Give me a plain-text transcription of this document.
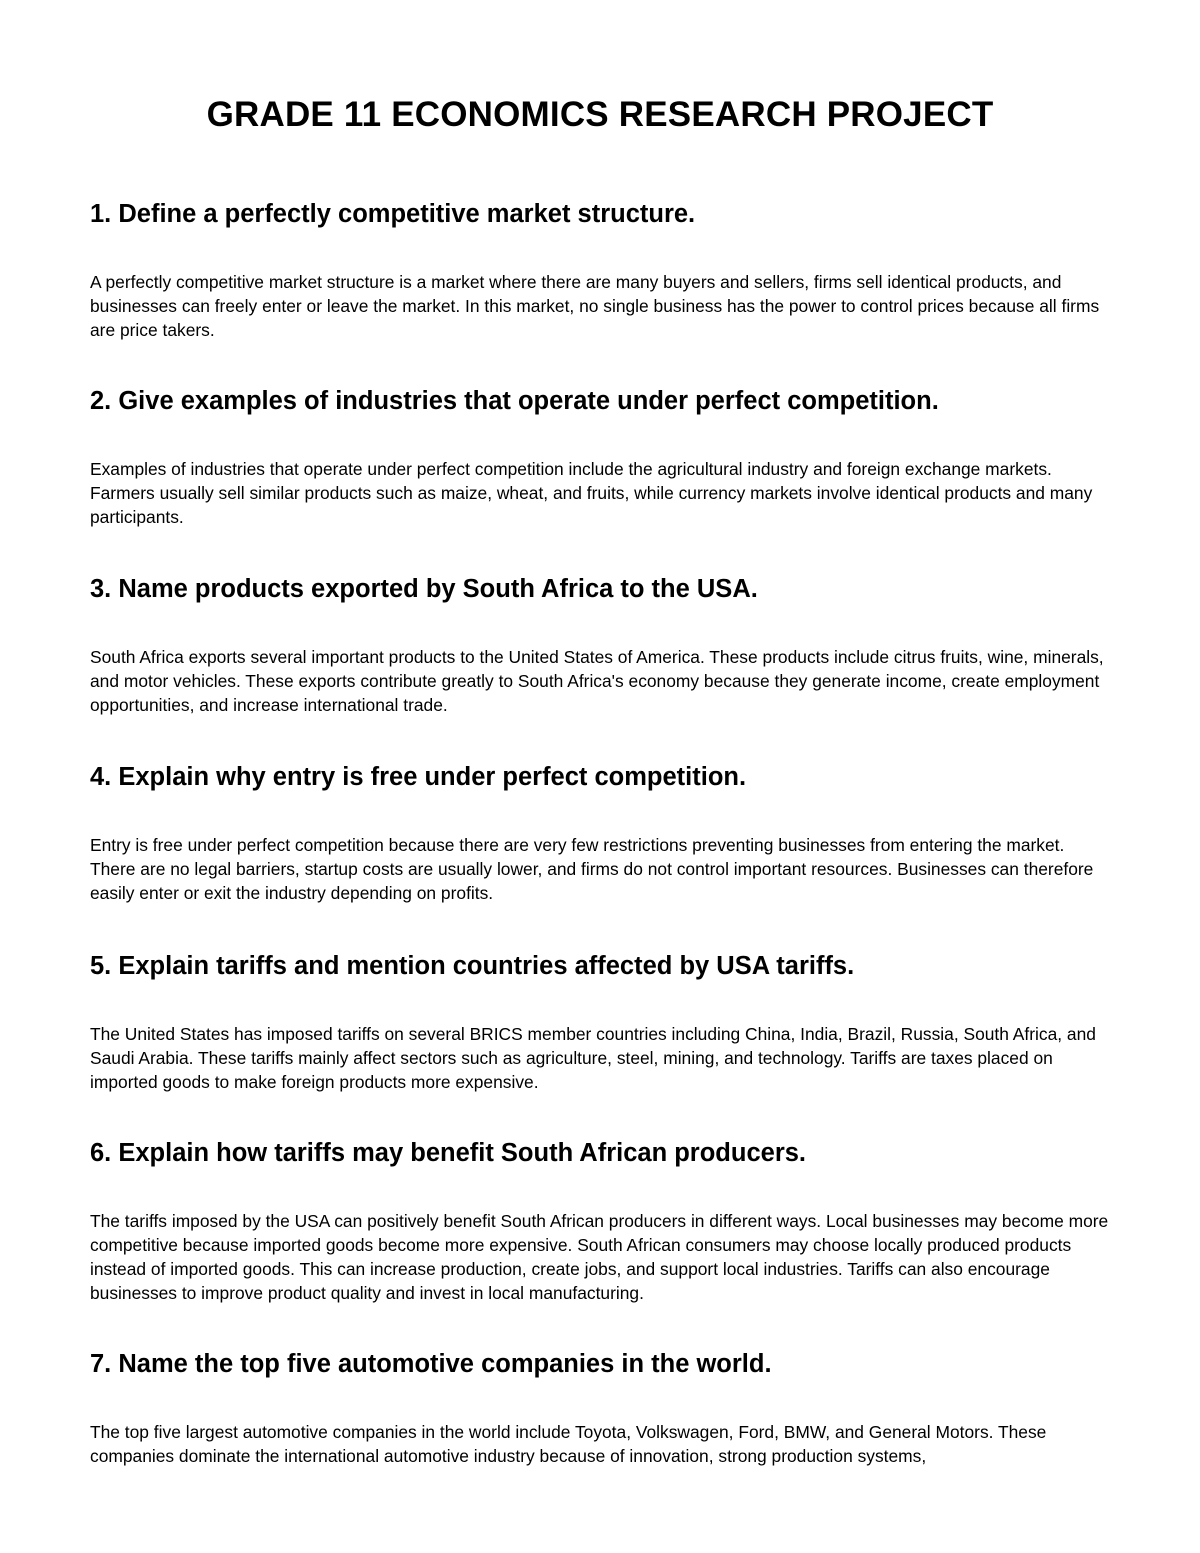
GRADE 11 ECONOMICS RESEARCH PROJECT
1. Define a perfectly competitive market structure.

A perfectly competitive market structure is a market where there are many buyers and sellers, firms sell identical products, and businesses can freely enter or leave the market. In this market, no single business has the power to control prices because all firms are price takers.

2. Give examples of industries that operate under perfect competition.

Examples of industries that operate under perfect competition include the agricultural industry and foreign exchange markets. Farmers usually sell similar products such as maize, wheat, and fruits, while currency markets involve identical products and many participants.

3. Name products exported by South Africa to the USA.

South Africa exports several important products to the United States of America. These products include citrus fruits, wine, minerals, and motor vehicles. These exports contribute greatly to South Africa's economy because they generate income, create employment opportunities, and increase international trade.

4. Explain why entry is free under perfect competition.

Entry is free under perfect competition because there are very few restrictions preventing businesses from entering the market. There are no legal barriers, startup costs are usually lower, and firms do not control important resources. Businesses can therefore easily enter or exit the industry depending on profits.

5. Explain tariffs and mention countries affected by USA tariffs.

The United States has imposed tariffs on several BRICS member countries including China, India, Brazil, Russia, South Africa, and Saudi Arabia. These tariffs mainly affect sectors such as agriculture, steel, mining, and technology. Tariffs are taxes placed on imported goods to make foreign products more expensive.

6. Explain how tariffs may benefit South African producers.

The tariffs imposed by the USA can positively benefit South African producers in different ways. Local businesses may become more competitive because imported goods become more expensive. South African consumers may choose locally produced products instead of imported goods. This can increase production, create jobs, and support local industries. Tariffs can also encourage businesses to improve product quality and invest in local manufacturing.

7. Name the top five automotive companies in the world.

The top five largest automotive companies in the world include Toyota, Volkswagen, Ford, BMW, and General Motors. These companies dominate the international automotive industry because of innovation, strong production systems,
